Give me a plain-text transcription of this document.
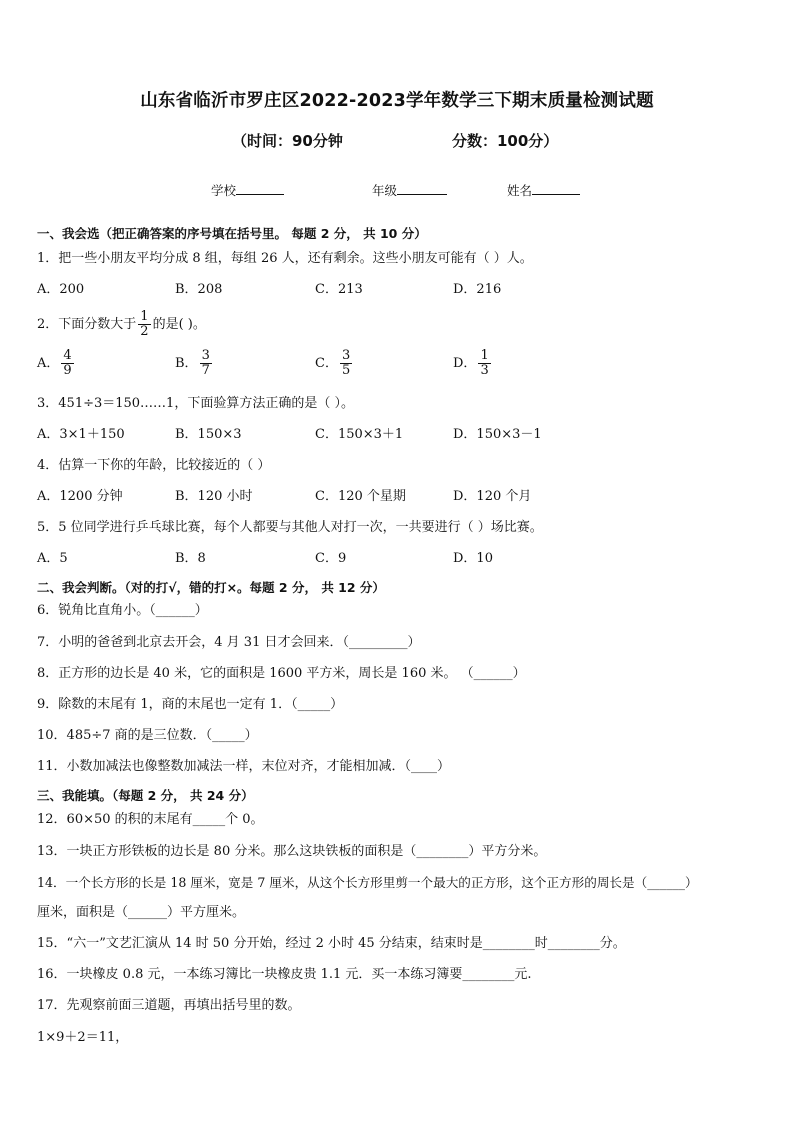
山东省临沂市罗庄区2022-2023学年数学三下期末质量检测试题
（时间：90分钟	分数：100分）
学校	年级	姓名
一、我会选（把正确答案的序号填在括号里。 每题 2 分， 共 10 分）
1．把一些小朋友平均分成 8 组，每组 26 人，还有剩余。这些小朋友可能有（ ）人。
A．200	B．208	C．213	D．216
2．下面分数大于 $\frac{1}{2}$ 的是( )。
A． $\frac{4}{9}$	B． $\frac{3}{7}$	C． $\frac{3}{5}$	D． $\frac{1}{3}$
3．451÷3＝150……1，下面验算方法正确的是（ ）。
A．3×1＋150	B．150×3	C．150×3＋1	D．150×3－1
4．估算一下你的年龄，比较接近的（ ）
A．1200 分钟	B．120 小时	C．120 个星期	D．120 个月
5．5 位同学进行乒乓球比赛，每个人都要与其他人对打一次，一共要进行（ ）场比赛。
A．5	B．8	C．9	D．10
二、我会判断。（对的打√，错的打×。每题 2 分， 共 12 分）
6．锐角比直角小。（______）
7．小明的爸爸到北京去开会，4 月 31 日才会回来．（_________）
8．正方形的边长是 40 米，它的面积是 1600 平方米，周长是 160 米。 （______）
9．除数的末尾有 1，商的末尾也一定有 1．（_____）
10．485÷7 商的是三位数．（_____）
11．小数加减法也像整数加减法一样，末位对齐，才能相加减．（____）
三、我能填。（每题 2 分， 共 24 分）
12．60×50 的积的末尾有_____个 0。
13．一块正方形铁板的边长是 80 分米。那么这块铁板的面积是（________）平方分米。
14．一个长方形的长是 18 厘米，宽是 7 厘米，从这个长方形里剪一个最大的正方形，这个正方形的周长是（______）
厘米，面积是（______）平方厘米。
15．“六一”文艺汇演从 14 时 50 分开始，经过 2 小时 45 分结束，结束时是________时________分。
16．一块橡皮 0.8 元，一本练习簿比一块橡皮贵 1.1 元．买一本练习簿要________元.
17．先观察前面三道题，再填出括号里的数。
1×9＋2＝11，
